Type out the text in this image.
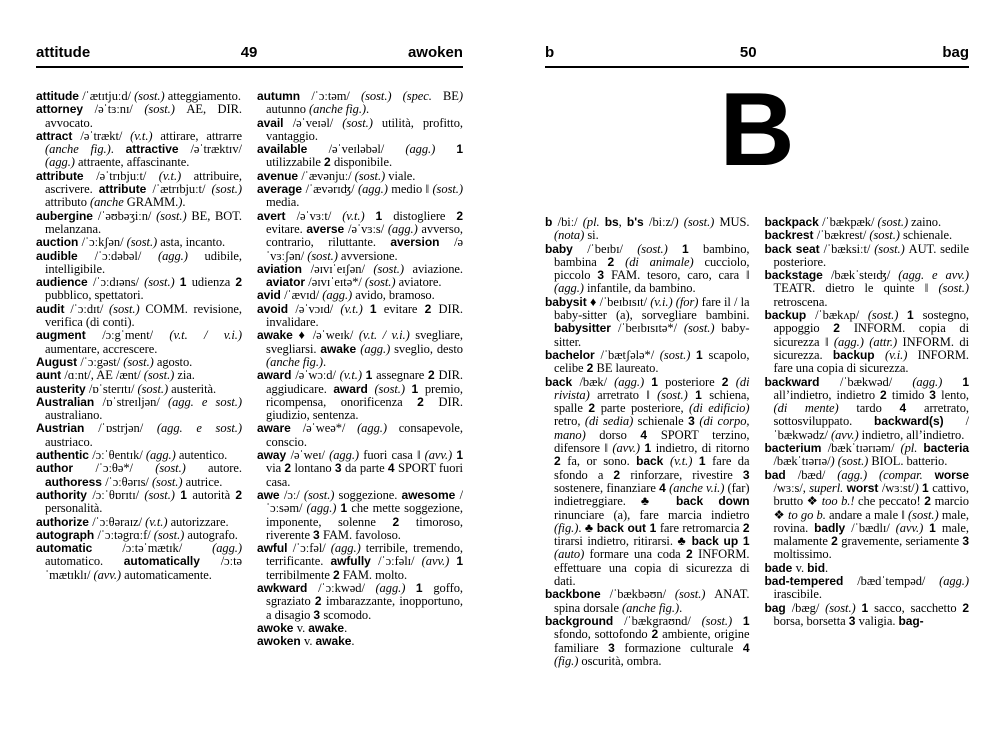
attitude	49	awoken
attitude /ˈætɪtjuːd/ (sost.) atteggiamento.
attorney /əˈtɜːnɪ/ (sost.) AE, DIR. avvocato.
attract /əˈtrækt/ (v.t.) attirare, attrarre (anche fig.). attractive /əˈtræktɪv/ (agg.) attraente, affascinante.
attribute /əˈtrɪbjuːt/ (v.t.) attribuire, ascrivere. attribute /ˈætrɪbjuːt/ (sost.) attributo (anche GRAMM.).
aubergine /ˈəʊbəʒiːn/ (sost.) BE, BOT. melanzana.
auction /ˈɔːkʃən/ (sost.) asta, incanto.
audible /ˈɔːdəbəl/ (agg.) udibile, intelligibile.
audience /ˈɔːdɪəns/ (sost.) 1 udienza 2 pubblico, spettatori.
audit /ˈɔːdɪt/ (sost.) COMM. revisione, verifica (di conti).
augment /ɔːgˈment/ (v.t. / v.i.) aumentare, accrescere.
August /ˈɔːgəst/ (sost.) agosto.
aunt /ɑːnt/, AE /ænt/ (sost.) zia.
austerity /ɒˈsterɪtɪ/ (sost.) austerità.
Australian /ɒˈstreɪljən/ (agg. e sost.) australiano.
Austrian /ˈɒstrjən/ (agg. e sost.) austriaco.
authentic /ɔːˈθentɪk/ (agg.) autentico.
author /ˈɔːθə*/ (sost.) autore. authoress /ˈɔːθərɪs/ (sost.) autrice.
authority /ɔːˈθɒrɪtɪ/ (sost.) 1 autorità 2 personalità.
authorize /ˈɔːθəraɪz/ (v.t.) autorizzare.
autograph /ˈɔːtəgrɑːf/ (sost.) autografo.
automatic /ɔːtəˈmætɪk/ (agg.) automatico. automatically /ɔːtəˈmætɪklɪ/ (avv.) automaticamente.
autumn /ˈɔːtəm/ (sost.) (spec. BE) autunno (anche fig.).
avail /əˈveɪəl/ (sost.) utilità, profitto, vantaggio.
available /əˈveɪləbəl/ (agg.) 1 utilizzabile 2 disponibile.
avenue /ˈævənjuː/ (sost.) viale.
average /ˈævərɪʤ/ (agg.) medio ‖ (sost.) media.
avert /əˈvɜːt/ (v.t.) 1 distogliere 2 evitare. averse /əˈvɜːs/ (agg.) avverso, contrario, riluttante. aversion /əˈvɜːʃən/ (sost.) avversione.
aviation /əɪvɪˈeɪʃən/ (sost.) aviazione. aviator /əɪvɪˈeɪtə*/ (sost.) aviatore.
avid /ˈævɪd/ (agg.) avido, bramoso.
avoid /əˈvɔɪd/ (v.t.) 1 evitare 2 DIR. invalidare.
awake ♦ /əˈweɪk/ (v.t. / v.i.) svegliare, svegliarsi. awake (agg.) sveglio, desto (anche fig.).
award /əˈwɔːd/ (v.t.) 1 assegnare 2 DIR. aggiudicare. award (sost.) 1 premio, ricompensa, onorificenza 2 DIR. giudizio, sentenza.
aware /əˈweə*/ (agg.) consapevole, conscio.
away /əˈweɪ/ (agg.) fuori casa ‖ (avv.) 1 via 2 lontano 3 da parte 4 SPORT fuori casa.
awe /ɔː/ (sost.) soggezione. awesome /ˈɔːsəm/ (agg.) 1 che mette soggezione, imponente, solenne 2 timoroso, riverente 3 FAM. favoloso.
awful /ˈɔːfəl/ (agg.) terribile, tremendo, terrificante. awfully /ˈɔːfəlɪ/ (avv.) 1 terribilmente 2 FAM. molto.
awkward /ˈɔːkwəd/ (agg.) 1 goffo, sgraziato 2 imbarazzante, inopportuno, a disagio 3 scomodo.
awoke v. awake.
awoken v. awake.
b	50	bag
B
b /biː/ (pl. bs, b's /biːz/) (sost.) MUS. (nota) si.
baby /ˈbeɪbɪ/ (sost.) 1 bambino, bambina 2 (di animale) cucciolo, piccolo 3 FAM. tesoro, caro, cara ‖ (agg.) infantile, da bambino.
babysit ♦ /ˈbeɪbɪsɪt/ (v.i.) (for) fare il / la baby-sitter (a), sorvegliare bambini. babysitter /ˈbeɪbɪsɪtə*/ (sost.) baby-sitter.
bachelor /ˈbætʃələ*/ (sost.) 1 scapolo, celibe 2 BE laureato.
back /bæk/ (agg.) 1 posteriore 2 (di rivista) arretrato ‖ (sost.) 1 schiena, spalle 2 parte posteriore, (di edificio) retro, (di sedia) schienale 3 (di corpo, mano) dorso 4 SPORT terzino, difensore ‖ (avv.) 1 indietro, di ritorno 2 fa, or sono. back (v.t.) 1 fare da sfondo a 2 rinforzare, rivestire 3 sostenere, finanziare 4 (anche v.i.) (far) indietreggiare. ♣ back down rinunciare (a), fare marcia indietro (fig.). ♣ back out 1 fare retromarcia 2 tirarsi indietro, ritirarsi. ♣ back up 1 (auto) formare una coda 2 INFORM. effettuare una copia di sicurezza di dati.
backbone /ˈbækbəʊn/ (sost.) ANAT. spina dorsale (anche fig.).
background /ˈbækgraʊnd/ (sost.) 1 sfondo, sottofondo 2 ambiente, origine familiare 3 formazione culturale 4 (fig.) oscurità, ombra.
backpack /ˈbækpæk/ (sost.) zaino.
backrest /ˈbækrest/ (sost.) schienale.
back seat /ˈbæksiːt/ (sost.) AUT. sedile posteriore.
backstage /bækˈsteɪʤ/ (agg. e avv.) TEATR. dietro le quinte ‖ (sost.) retroscena.
backup /ˈbækʌp/ (sost.) 1 sostegno, appoggio 2 INFORM. copia di sicurezza ‖ (agg.) (attr.) INFORM. di sicurezza. backup (v.i.) INFORM. fare una copia di sicurezza.
backward /ˈbækwəd/ (agg.) 1 all’indietro, indietro 2 timido 3 lento, (di mente) tardo 4 arretrato, sottosviluppato. backward(s) /ˈbækwədz/ (avv.) indietro, all’indietro.
bacterium /bækˈtɪərɪəm/ (pl. bacteria /bækˈtɪərɪə/) (sost.) BIOL. batterio.
bad /bæd/ (agg.) (compar. worse /wɜːs/, superl. worst /wɜːst/) 1 cattivo, brutto ❖ too b.! che peccato! 2 marcio ❖ to go b. andare a male ‖ (sost.) male, rovina. badly /ˈbædlɪ/ (avv.) 1 male, malamente 2 gravemente, seriamente 3 moltissimo.
bade v. bid.
bad-tempered /bædˈtempəd/ (agg.) irascibile.
bag /bæg/ (sost.) 1 sacco, sacchetto 2 borsa, borsetta 3 valigia. bag-
